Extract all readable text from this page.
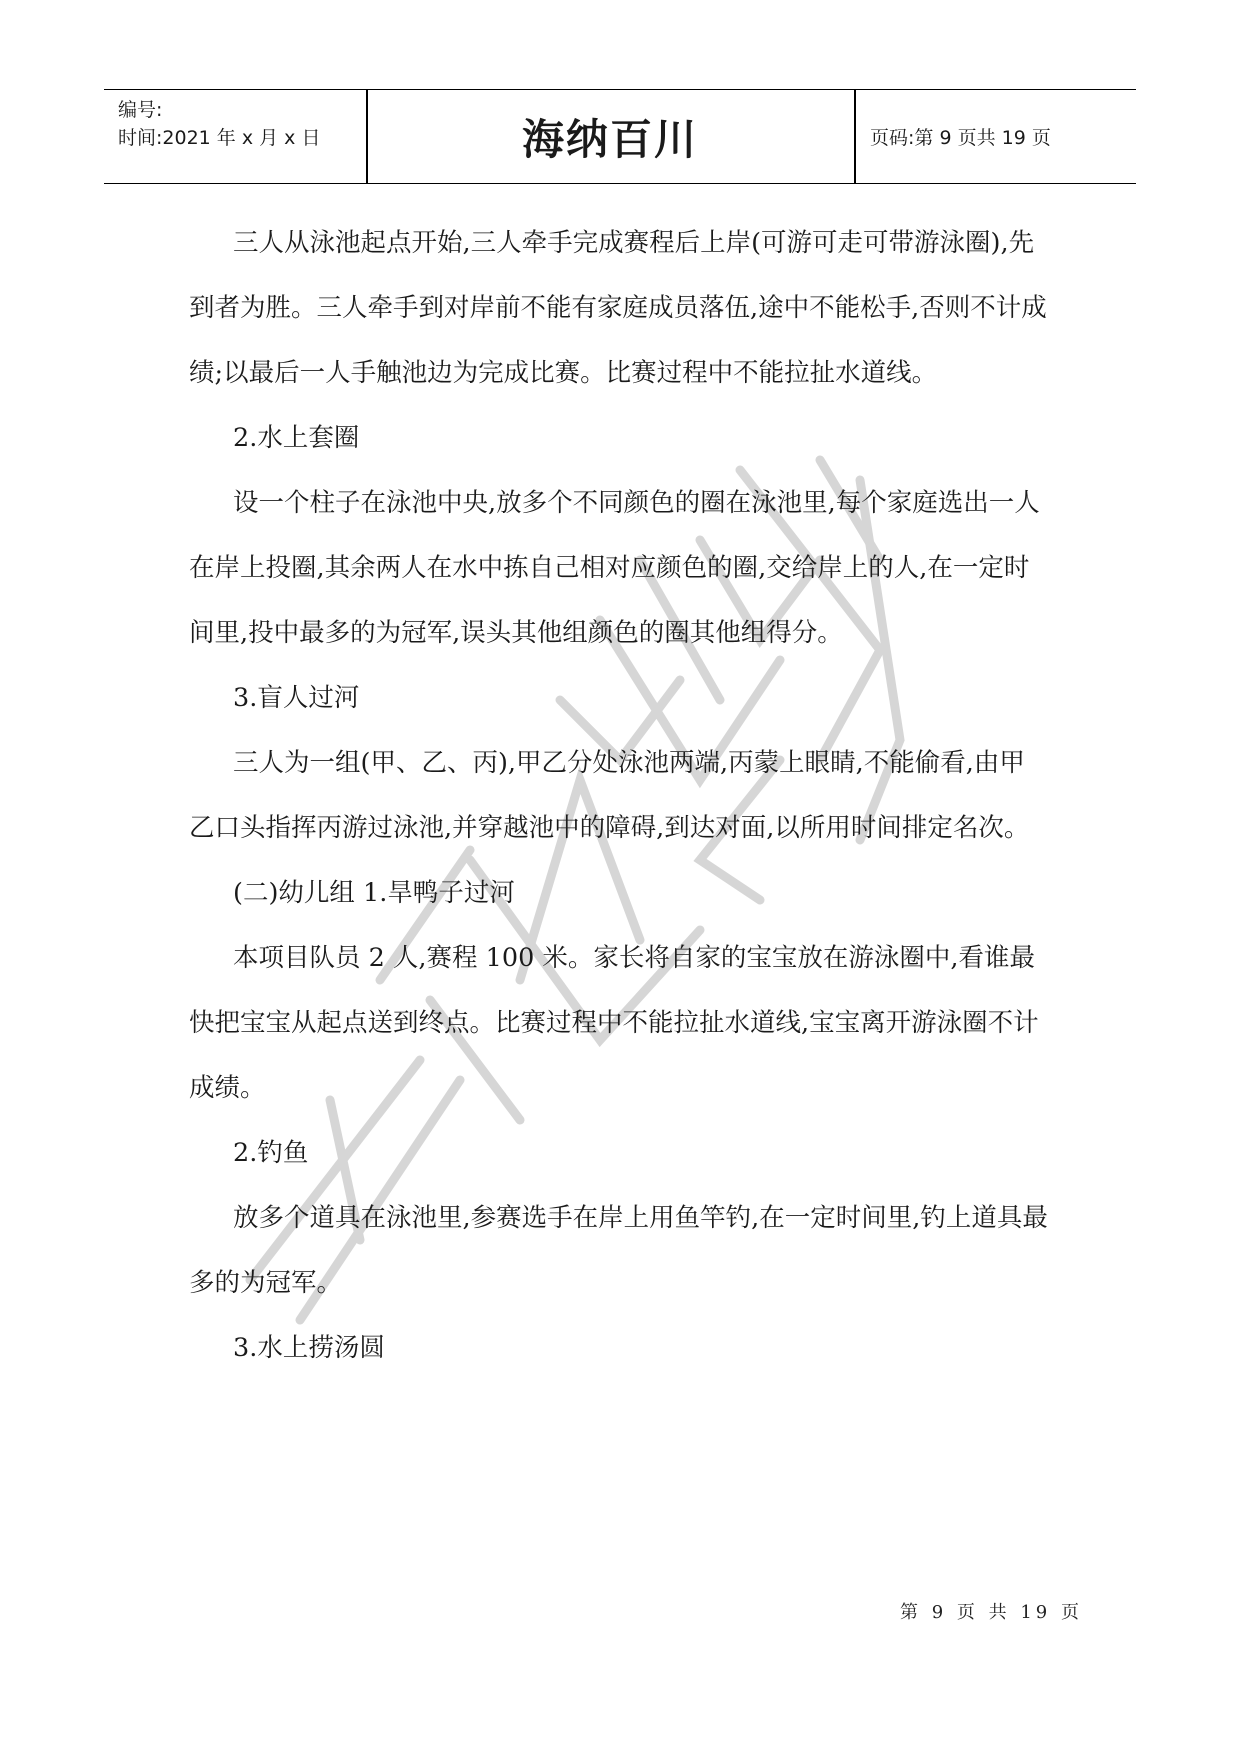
编号:
时间:2021 年 x 月 x 日	海纳百川	页码:第 9 页共 19 页

三人从泳池起点开始,三人牵手完成赛程后上岸(可游可走可带游泳圈),先到者为胜。三人牵手到对岸前不能有家庭成员落伍,途中不能松手,否则不计成绩;以最后一人手触池边为完成比赛。比赛过程中不能拉扯水道线。

2.水上套圈

设一个柱子在泳池中央,放多个不同颜色的圈在泳池里,每个家庭选出一人在岸上投圈,其余两人在水中拣自己相对应颜色的圈,交给岸上的人,在一定时间里,投中最多的为冠军,误头其他组颜色的圈其他组得分。

3.盲人过河

三人为一组(甲、乙、丙),甲乙分处泳池两端,丙蒙上眼睛,不能偷看,由甲乙口头指挥丙游过泳池,并穿越池中的障碍,到达对面,以所用时间排定名次。

(二)幼儿组 1.旱鸭子过河

本项目队员 2 人,赛程 100 米。家长将自家的宝宝放在游泳圈中,看谁最快把宝宝从起点送到终点。比赛过程中不能拉扯水道线,宝宝离开游泳圈不计成绩。

2.钓鱼

放多个道具在泳池里,参赛选手在岸上用鱼竿钓,在一定时间里,钓上道具最多的为冠军。

3.水上捞汤圆

第 9 页 共 19 页
